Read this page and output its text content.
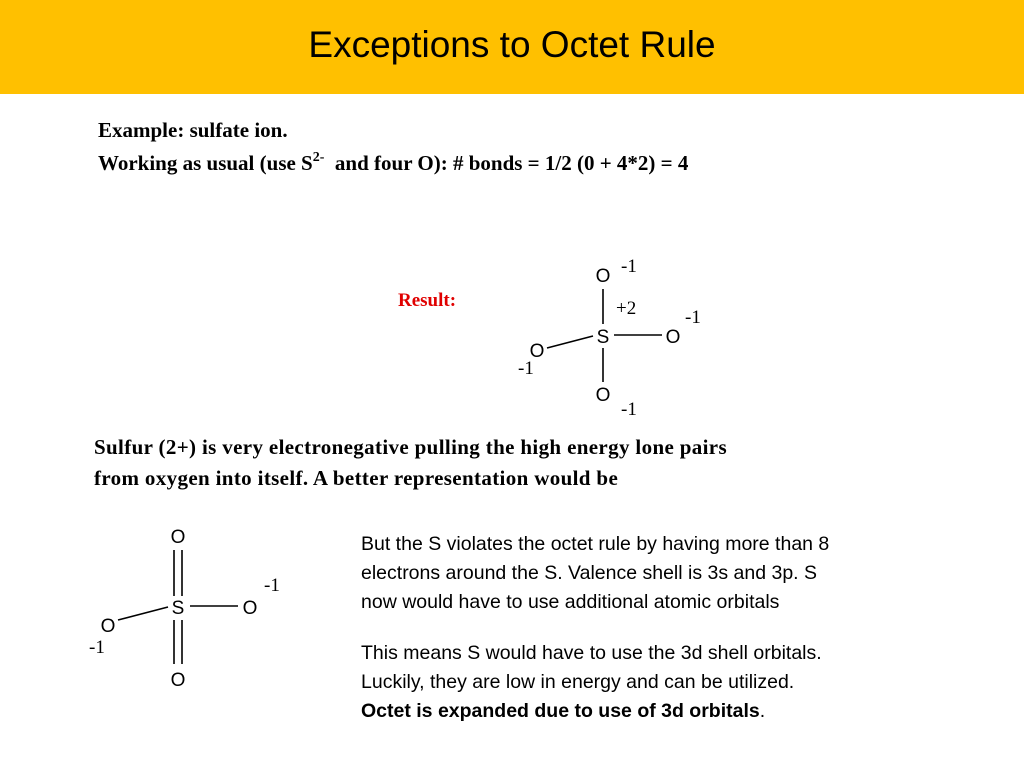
Exceptions to Octet Rule
Example: sulfate ion.
Working as usual (use $S^{2-}$ and four O): # bonds = 1/2 (0 + 4*2) = 4
Result:
O -1
+2
S	O
-1
O
-1
O
-1
Sulfur (2+) is very electronegative pulling the high energy lone pairs
from oxygen into itself. A better representation would be
O
S	O
-1
O
-1
O

But the S violates the octet rule by having more than 8
electrons around the S. Valence shell is 3s and 3p. S
now would have to use additional atomic orbitals

This means S would have to use the 3d shell orbitals.
Luckily, they are low in energy and can be utilized.
Octet is expanded due to use of 3d orbitals.
